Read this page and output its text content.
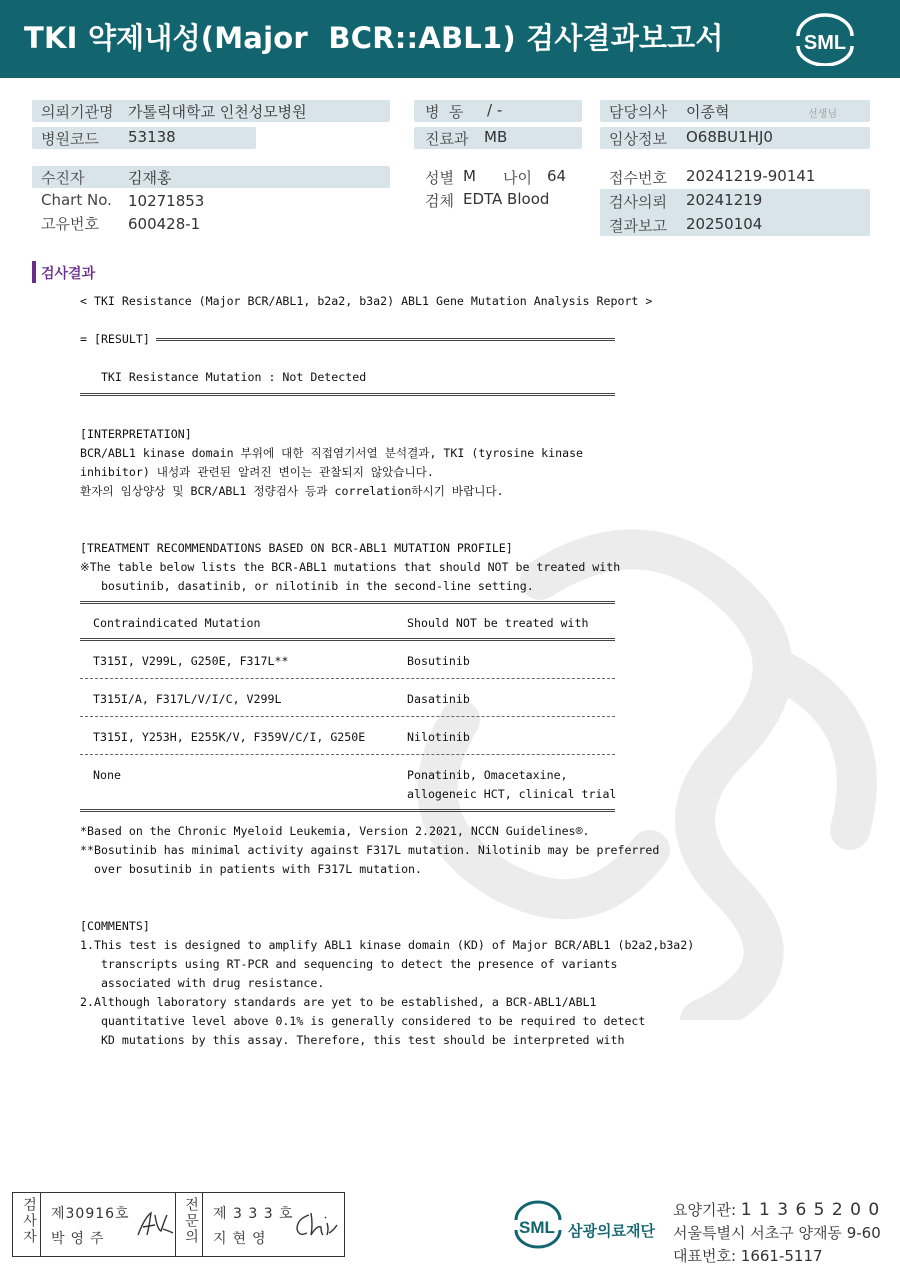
TKI 약제내성(Major  BCR::ABL1) 검사결과보고서	SML
의뢰기관명 가톨릭대학교 인천성모병원
병원코드 53138
수진자	김재홍
Chart No. 10271853
고유번호 600428-1
병  동 / -
진료과 MB
성별 M 나이 64
검체 EDTA Blood
담당의사 이종혁	선생님
임상정보 O68BU1HJ0
접수번호 20241219-90141
검사의뢰 20241219
결과보고 20250104
검사결과
< TKI Resistance (Major BCR/ABL1, b2a2, b3a2) ABL1 Gene Mutation Analysis Report >
= [RESULT]
TKI Resistance Mutation : Not Detected
[INTERPRETATION]
BCR/ABL1 kinase domain 부위에 대한 직접염기서열 분석결과, TKI (tyrosine kinase
inhibitor) 내성과 관련된 알려진 변이는 관찰되지 않았습니다.
환자의 임상양상 및 BCR/ABL1 정량검사 등과 correlation하시기 바랍니다.
[TREATMENT RECOMMENDATIONS BASED ON BCR-ABL1 MUTATION PROFILE]
※The table below lists the BCR-ABL1 mutations that should NOT be treated with
bosutinib, dasatinib, or nilotinib in the second-line setting.
Contraindicated Mutation	Should NOT be treated with
T315I, V299L, G250E, F317L**	Bosutinib
T315I/A, F317L/V/I/C, V299L	Dasatinib
T315I, Y253H, E255K/V, F359V/C/I, G250E	Nilotinib
None	Ponatinib, Omacetaxine,
allogeneic HCT, clinical trial
*Based on the Chronic Myeloid Leukemia, Version 2.2021, NCCN Guidelines®.
**Bosutinib has minimal activity against F317L mutation. Nilotinib may be preferred
over bosutinib in patients with F317L mutation.
[COMMENTS]
1.This test is designed to amplify ABL1 kinase domain (KD) of Major BCR/ABL1 (b2a2,b3a2)
transcripts using RT-PCR and sequencing to detect the presence of variants
associated with drug resistance.
2.Although laboratory standards are yet to be established, a BCR-ABL1/ABL1
quantitative level above 0.1% is generally considered to be required to detect
KD mutations by this assay. Therefore, this test should be interpreted with
검사자 제30916호
박영주	전문의 제 3 3 3 호
지현영
SML 삼광의료재단
요양기관: 1 1 3 6 5 2 0 0
서울특별시 서초구 양재동 9-60
대표번호: 1661-5117
